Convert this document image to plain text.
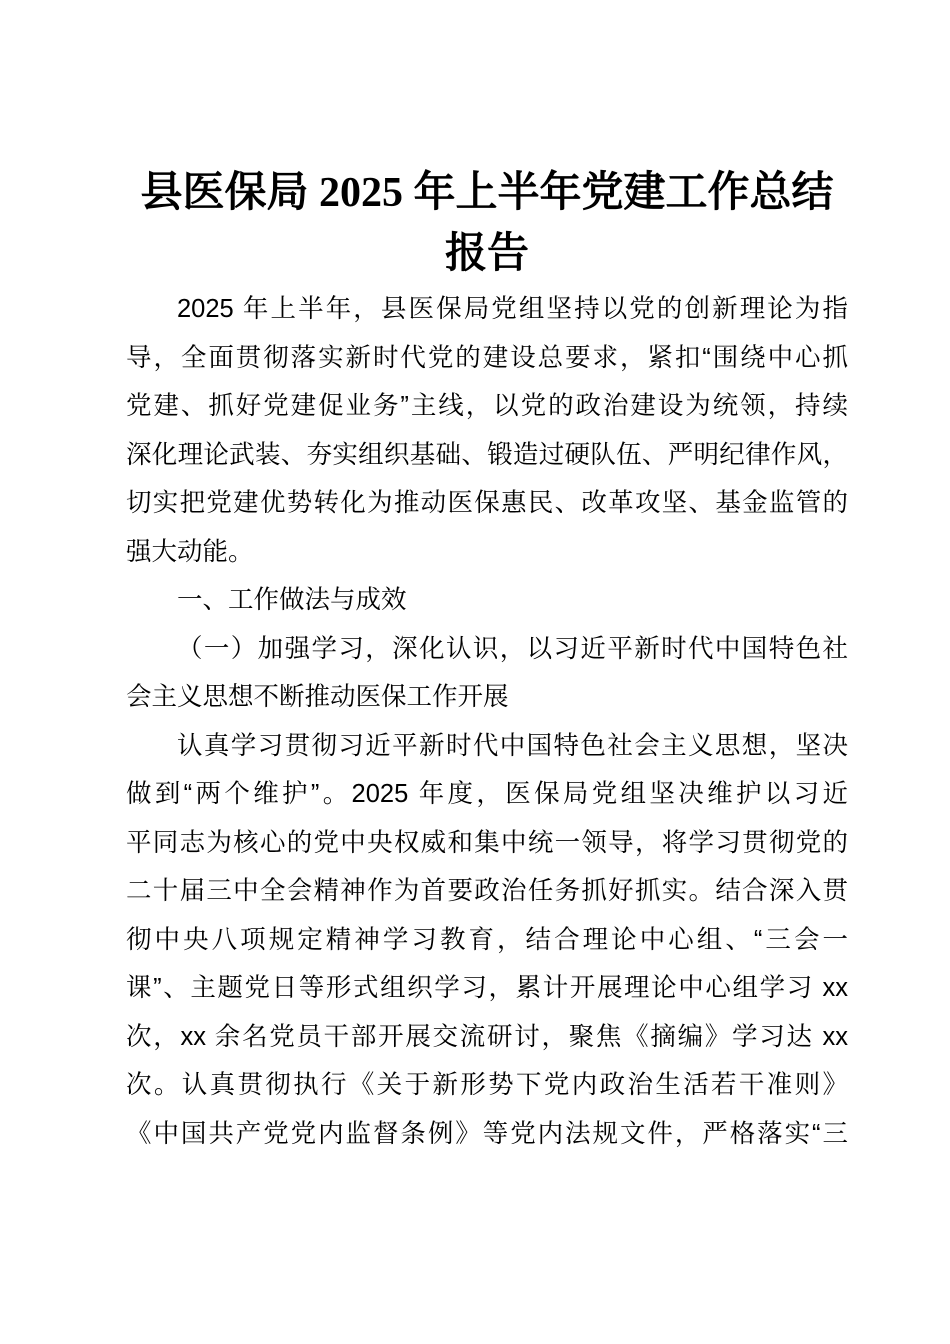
县医保局 2025 年上半年党建工作总结
报告
2025 年上半年，县医保局党组坚持以党的创新理论为指
导，全面贯彻落实新时代党的建设总要求，紧扣“围绕中心抓
党建、抓好党建促业务”主线，以党的政治建设为统领，持续
深化理论武装、夯实组织基础、锻造过硬队伍、严明纪律作风，
切实把党建优势转化为推动医保惠民、改革攻坚、基金监管的
强大动能。
一、工作做法与成效
（一）加强学习，深化认识，以习近平新时代中国特色社
会主义思想不断推动医保工作开展
认真学习贯彻习近平新时代中国特色社会主义思想，坚决
做到“两个维护”。2025 年度，医保局党组坚决维护以习近
平同志为核心的党中央权威和集中统一领导，将学习贯彻党的
二十届三中全会精神作为首要政治任务抓好抓实。结合深入贯
彻中央八项规定精神学习教育，结合理论中心组、“三会一
课”、主题党日等形式组织学习，累计开展理论中心组学习 xx
次，xx 余名党员干部开展交流研讨，聚焦《摘编》学习达 xx
次。认真贯彻执行《关于新形势下党内政治生活若干准则》
《中国共产党党内监督条例》等党内法规文件，严格落实“三
